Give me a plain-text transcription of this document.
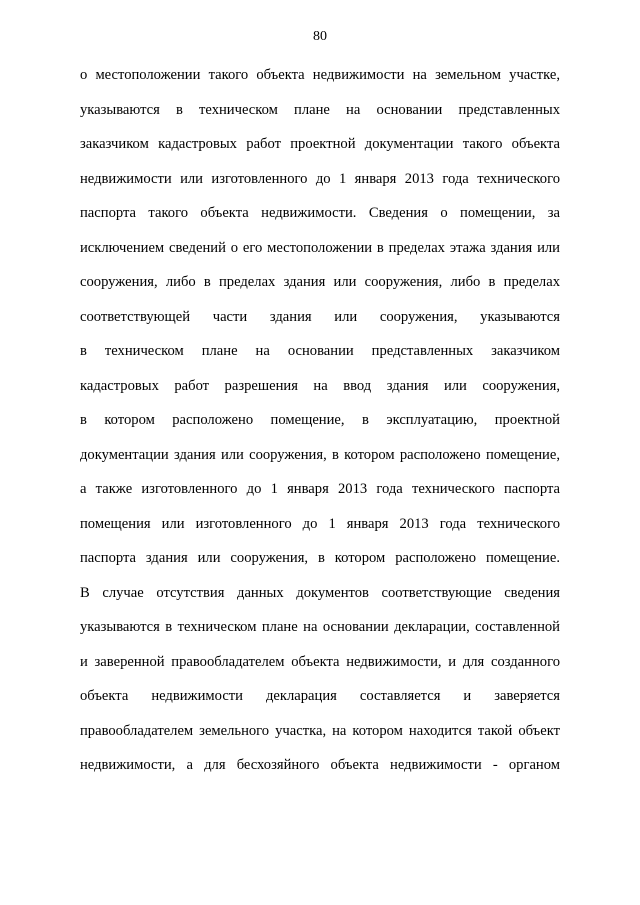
80
о местоположении такого объекта недвижимости на земельном участке,
указываются в техническом плане на основании представленных
заказчиком кадастровых работ проектной документации такого объекта
недвижимости или изготовленного до 1 января 2013 года технического
паспорта такого объекта недвижимости. Сведения о помещении, за
исключением сведений о его местоположении в пределах этажа здания или
сооружения, либо в пределах здания или сооружения, либо в пределах
соответствующей части здания или сооружения, указываются
в техническом плане на основании представленных заказчиком
кадастровых работ разрешения на ввод здания или сооружения,
в котором расположено помещение, в эксплуатацию, проектной
документации здания или сооружения, в котором расположено помещение,
а также изготовленного до 1 января 2013 года технического паспорта
помещения или изготовленного до 1 января 2013 года технического
паспорта здания или сооружения, в котором расположено помещение.
В случае отсутствия данных документов соответствующие сведения
указываются в техническом плане на основании декларации, составленной
и заверенной правообладателем объекта недвижимости, и для созданного
объекта недвижимости декларация составляется и заверяется
правообладателем земельного участка, на котором находится такой объект
недвижимости, а для бесхозяйного объекта недвижимости - органом
